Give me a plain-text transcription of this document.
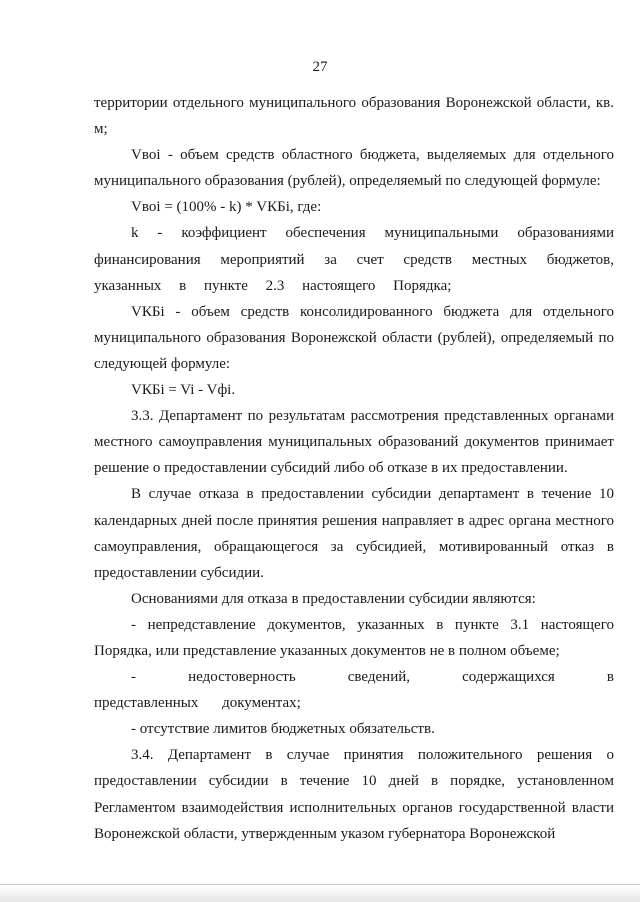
27

территории отдельного муниципального образования Воронежской области, кв. м;

Vвoi - объем средств областного бюджета, выделяемых для отдельного муниципального образования (рублей), определяемый по следующей формуле:

Vвoi = (100% - k) * VКБi, где:

k - коэффициент обеспечения муниципальными образованиями финансирования мероприятий за счет средств местных бюджетов, указанных в пункте 2.3 настоящего Порядка;

VКБi - объем средств консолидированного бюджета для отдельного муниципального образования Воронежской области (рублей), определяемый по следующей формуле:

VКБi = Vi - Vфi.

3.3. Департамент по результатам рассмотрения представленных органами местного самоуправления муниципальных образований документов принимает решение о предоставлении субсидий либо об отказе в их предоставлении.

В случае отказа в предоставлении субсидии департамент в течение 10 календарных дней после принятия решения направляет в адрес органа местного самоуправления, обращающегося за субсидией, мотивированный отказ в предоставлении субсидии.

Основаниями для отказа в предоставлении субсидии являются:

- непредставление документов, указанных в пункте 3.1 настоящего Порядка, или представление указанных документов не в полном объеме;

- недостоверность сведений, содержащихся в представленных документах;

- отсутствие лимитов бюджетных обязательств.

3.4. Департамент в случае принятия положительного решения о предоставлении субсидии в течение 10 дней в порядке, установленном Регламентом взаимодействия исполнительных органов государственной власти Воронежской области, утвержденным указом губернатора Воронежской
